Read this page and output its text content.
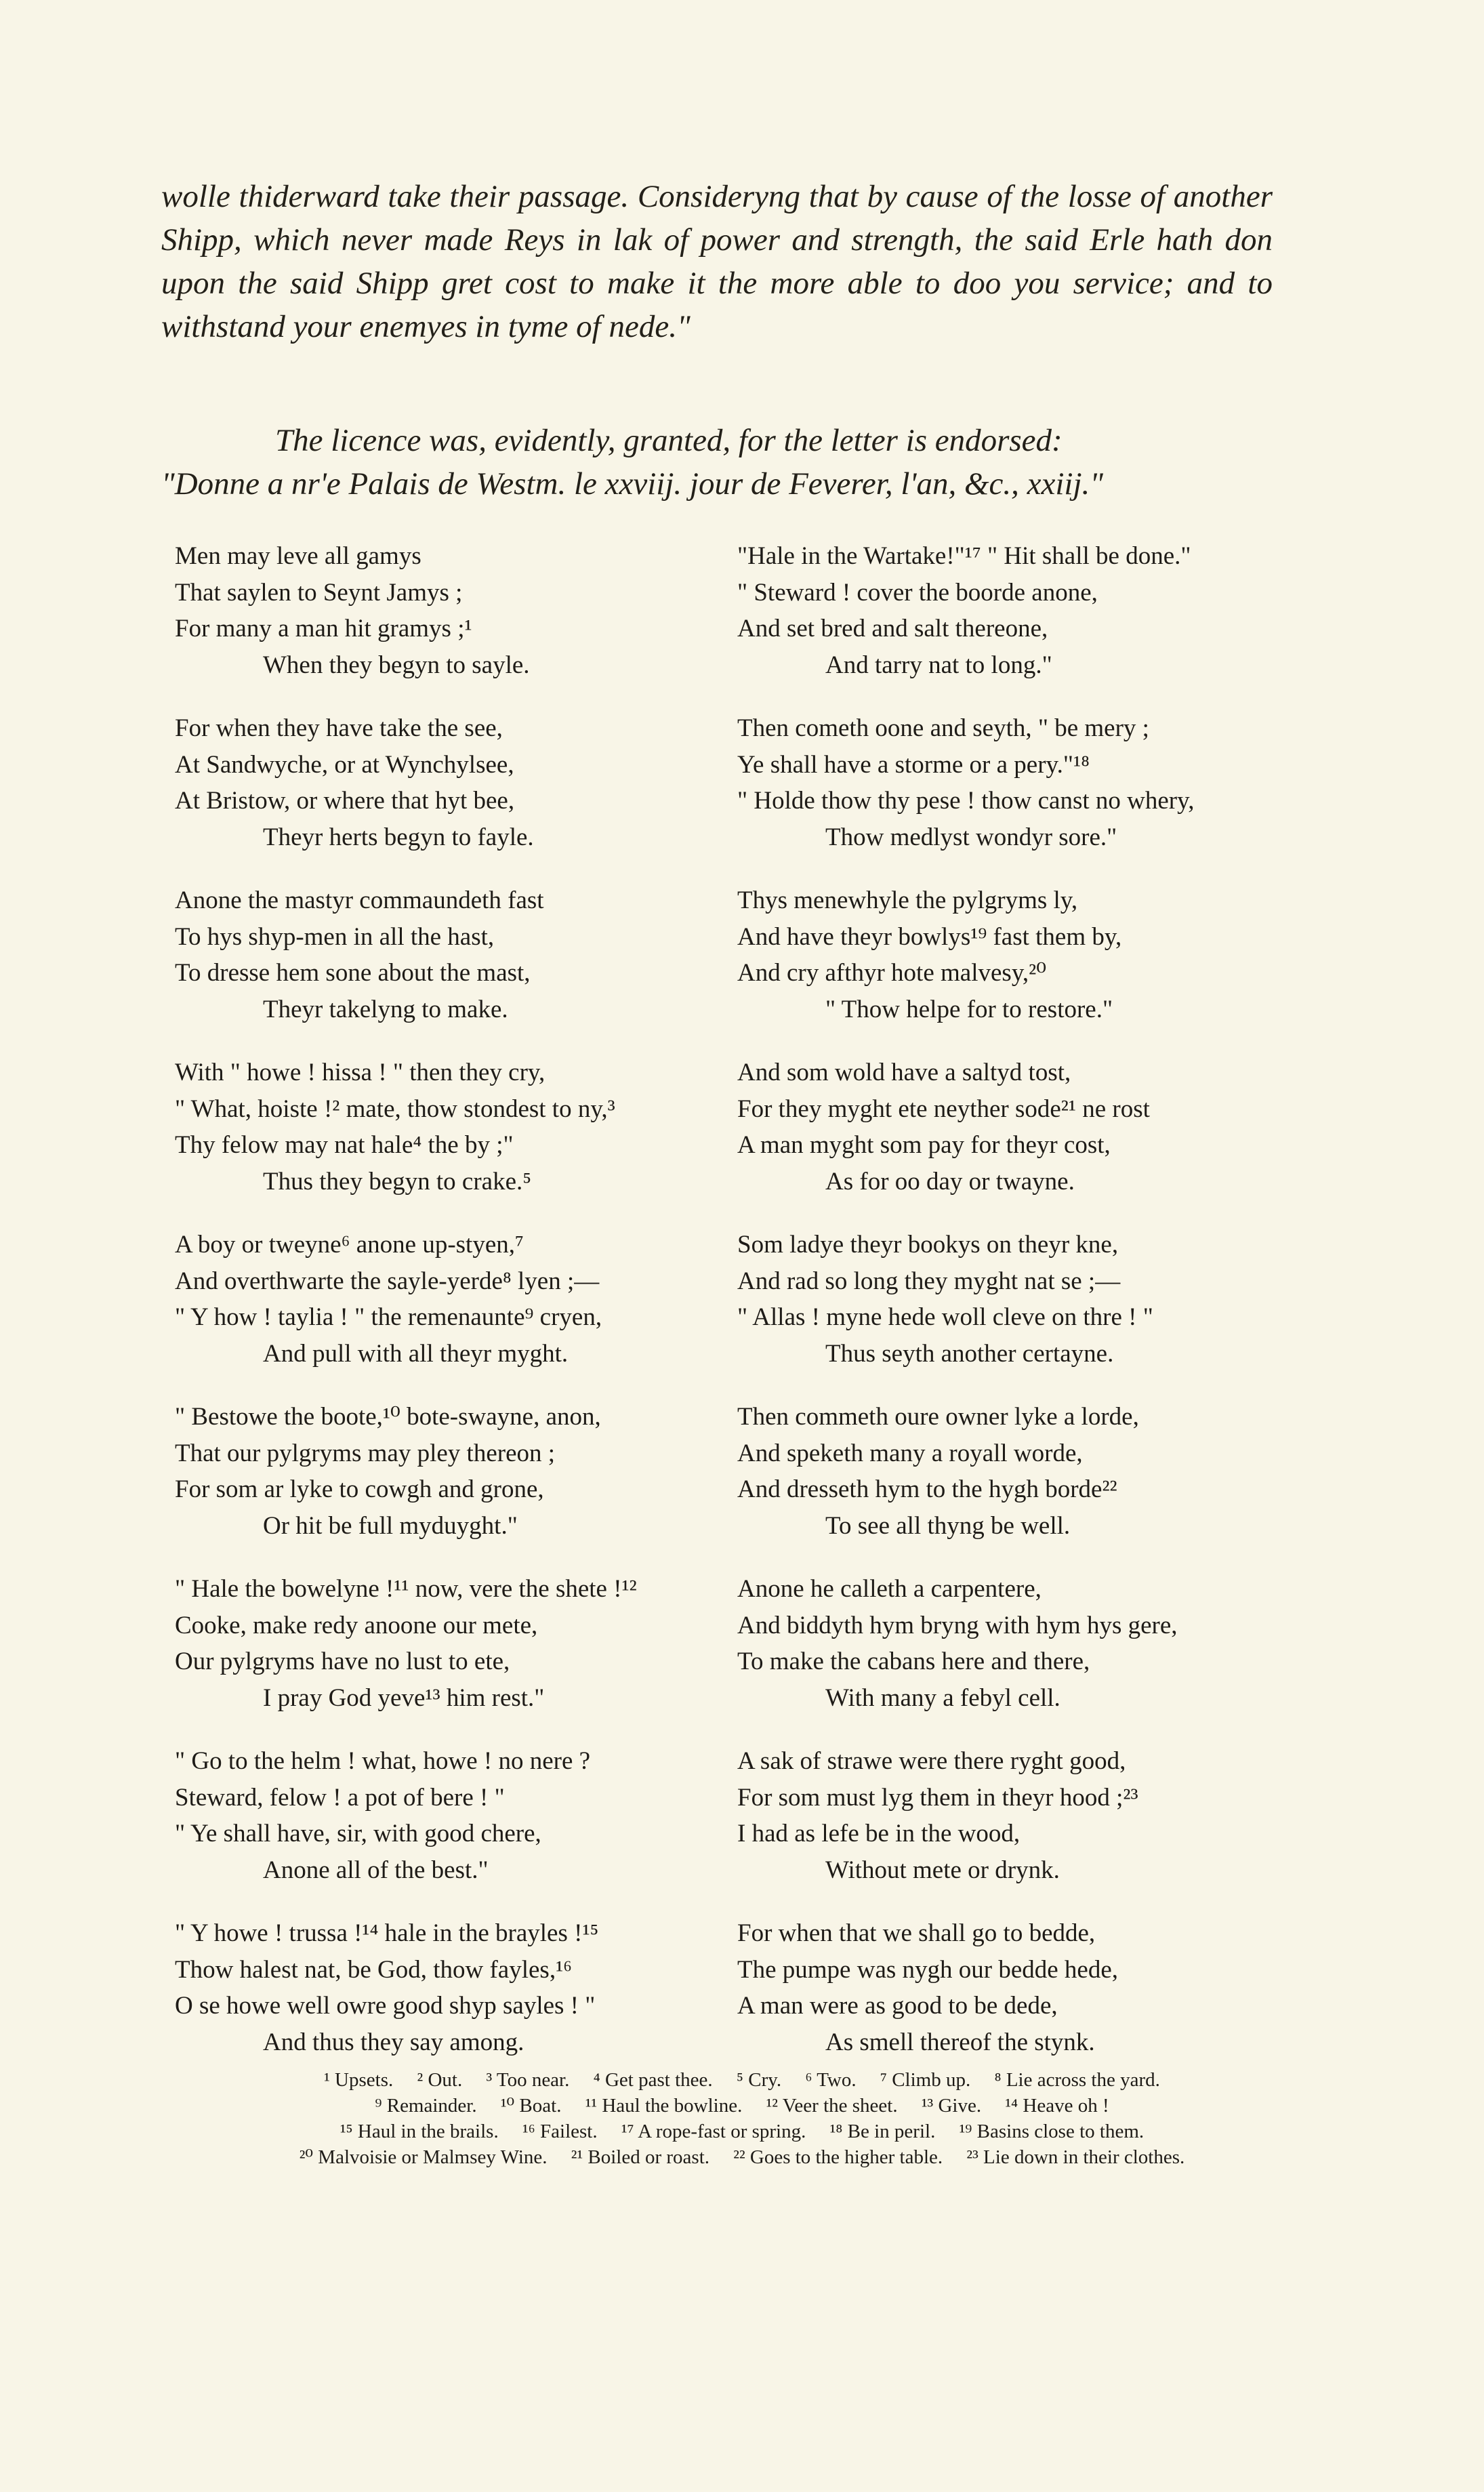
wolle thiderward take their passage. Consideryng that by cause of the losse of another Shipp, which never made Reys in lak of power and strength, the said Erle hath don upon the said Shipp gret cost to make it the more able to doo you service; and to withstand your enemyes in tyme of nede."

The licence was, evidently, granted, for the letter is endorsed:

"Donne a nr'e Palais de Westm. le xxviij. jour de Feverer, l'an, &c., xxiij."

Men may leve all gamys
That saylen to Seynt Jamys ;
For many a man hit gramys ;¹
When they begyn to sayle.
For when they have take the see,
At Sandwyche, or at Wynchylsee,
At Bristow, or where that hyt bee,
Theyr herts begyn to fayle.
Anone the mastyr commaundeth fast
To hys shyp-men in all the hast,
To dresse hem sone about the mast,
Theyr takelyng to make.
With " howe ! hissa ! " then they cry,
" What, hoiste !² mate, thow stondest to ny,³
Thy felow may nat hale⁴ the by ;"
Thus they begyn to crake.⁵
A boy or tweyne⁶ anone up-styen,⁷
And overthwarte the sayle-yerde⁸ lyen ;—
" Y how ! taylia ! " the remenaunte⁹ cryen,
And pull with all theyr myght.
" Bestowe the boote,¹⁰ bote-swayne, anon,
That our pylgryms may pley thereon ;
For som ar lyke to cowgh and grone,
Or hit be full myduyght."
" Hale the bowelyne !¹¹ now, vere the shete !¹²
Cooke, make redy anoone our mete,
Our pylgryms have no lust to ete,
I pray God yeve¹³ him rest."
" Go to the helm ! what, howe ! no nere ?
Steward, felow ! a pot of bere ! "
" Ye shall have, sir, with good chere,
Anone all of the best."
" Y howe ! trussa !¹⁴ hale in the brayles !¹⁵
Thow halest nat, be God, thow fayles,¹⁶
O se howe well owre good shyp sayles ! "
And thus they say among.
"Hale in the Wartake!"¹⁷ " Hit shall be done."
" Steward ! cover the boorde anone,
And set bred and salt thereone,
And tarry nat to long."
Then cometh oone and seyth, " be mery ;
Ye shall have a storme or a pery."¹⁸
" Holde thow thy pese ! thow canst no whery,
Thow medlyst wondyr sore."
Thys menewhyle the pylgryms ly,
And have theyr bowlys¹⁹ fast them by,
And cry afthyr hote malvesy,²⁰
" Thow helpe for to restore."
And som wold have a saltyd tost,
For they myght ete neyther sode²¹ ne rost
A man myght som pay for theyr cost,
As for oo day or twayne.
Som ladye theyr bookys on theyr kne,
And rad so long they myght nat se ;—
" Allas ! myne hede woll cleve on thre ! "
Thus seyth another certayne.
Then commeth oure owner lyke a lorde,
And speketh many a royall worde,
And dresseth hym to the hygh borde²²
To see all thyng be well.
Anone he calleth a carpentere,
And biddyth hym bryng with hym hys gere,
To make the cabans here and there,
With many a febyl cell.
A sak of strawe were there ryght good,
For som must lyg them in theyr hood ;²³
I had as lefe be in the wood,
Without mete or drynk.
For when that we shall go to bedde,
The pumpe was nygh our bedde hede,
A man were as good to be dede,
As smell thereof the stynk.
¹ Upsets. ² Out. ³ Too near. ⁴ Get past thee. ⁵ Cry. ⁶ Two. ⁷ Climb up. ⁸ Lie across the yard.
⁹ Remainder. ¹⁰ Boat. ¹¹ Haul the bowline. ¹² Veer the sheet. ¹³ Give. ¹⁴ Heave oh !
¹⁵ Haul in the brails. ¹⁶ Failest. ¹⁷ A rope-fast or spring. ¹⁸ Be in peril. ¹⁹ Basins close to them.
²⁰ Malvoisie or Malmsey Wine. ²¹ Boiled or roast. ²² Goes to the higher table. ²³ Lie down in their clothes.
